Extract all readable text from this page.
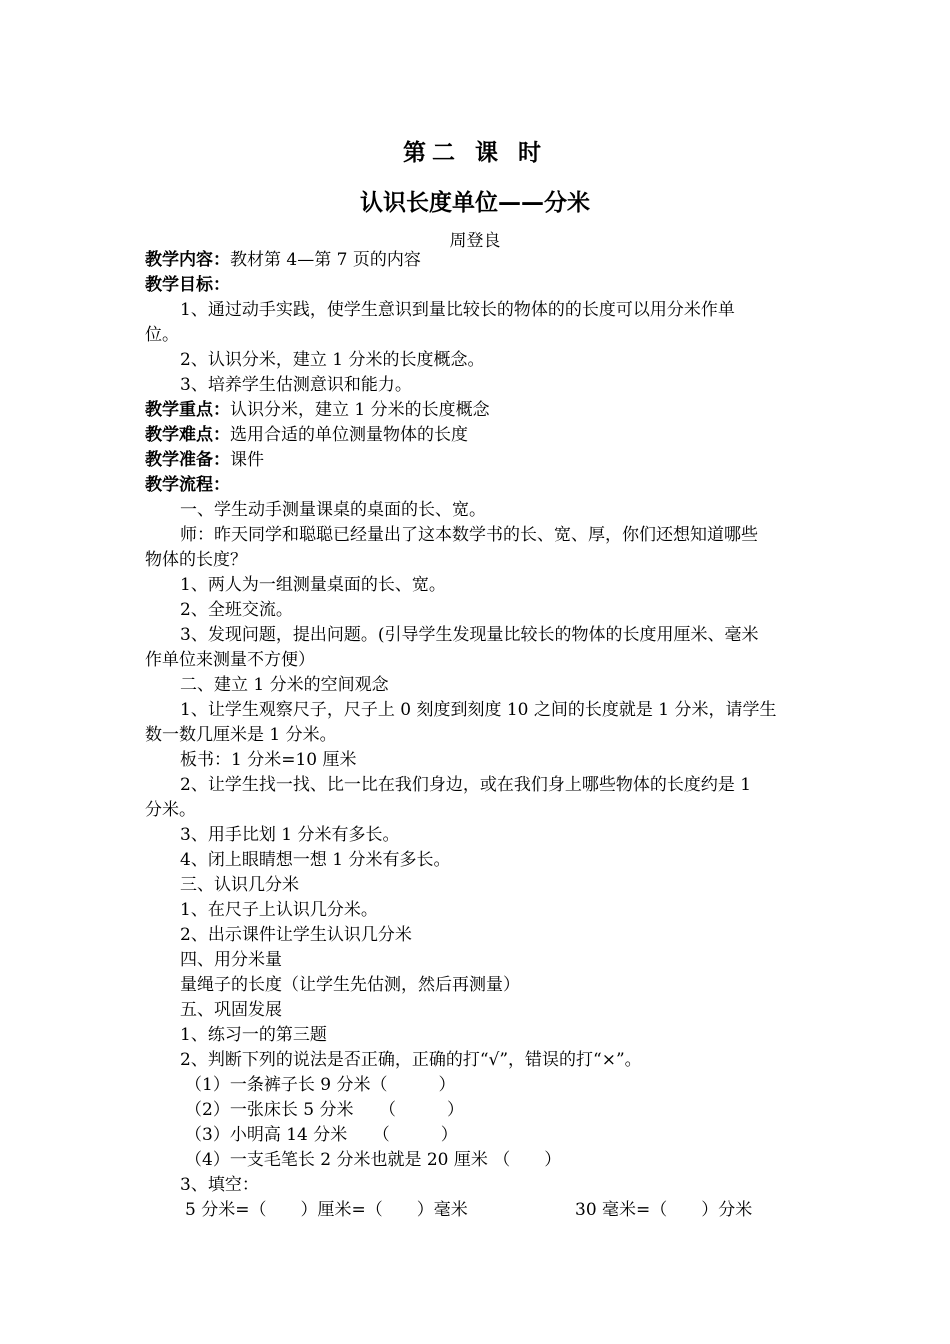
第二 课 时
认识长度单位——分米
周登良
教学内容：教材第 4—第 7 页的内容
教学目标：
1、通过动手实践，使学生意识到量比较长的物体的的长度可以用分米作单
位。
2、认识分米，建立 1 分米的长度概念。
3、培养学生估测意识和能力。
教学重点：认识分米，建立 1 分米的长度概念
教学难点：选用合适的单位测量物体的长度
教学准备：课件
教学流程：
一、学生动手测量课桌的桌面的长、宽。
师：昨天同学和聪聪已经量出了这本数学书的长、宽、厚，你们还想知道哪些
物体的长度？
1、两人为一组测量桌面的长、宽。
2、全班交流。
3、发现问题，提出问题。(引导学生发现量比较长的物体的长度用厘米、毫米
作单位来测量不方便）
二、建立 1 分米的空间观念
1、让学生观察尺子，尺子上 0 刻度到刻度 10 之间的长度就是 1 分米，请学生
数一数几厘米是 1 分米。
板书：1 分米=10 厘米
2、让学生找一找、比一比在我们身边，或在我们身上哪些物体的长度约是 1
分米。
3、用手比划 1 分米有多长。
4、闭上眼睛想一想 1 分米有多长。
三、认识几分米
1、在尺子上认识几分米。
2、出示课件让学生认识几分米
四、用分米量
量绳子的长度（让学生先估测，然后再测量）
五、巩固发展
1、练习一的第三题
2、判断下列的说法是否正确，正确的打“√”，错误的打“×”。
（1）一条裤子长 9 分米（　　　）
（2）一张床长 5 分米　　（　　　）
（3）小明高 14 分米　　（　　　）
（4）一支毛笔长 2 分米也就是 20 厘米 （　　）
3、填空：
5 分米=（　　）厘米=（　　）毫米	30 毫米=（　　）分米
